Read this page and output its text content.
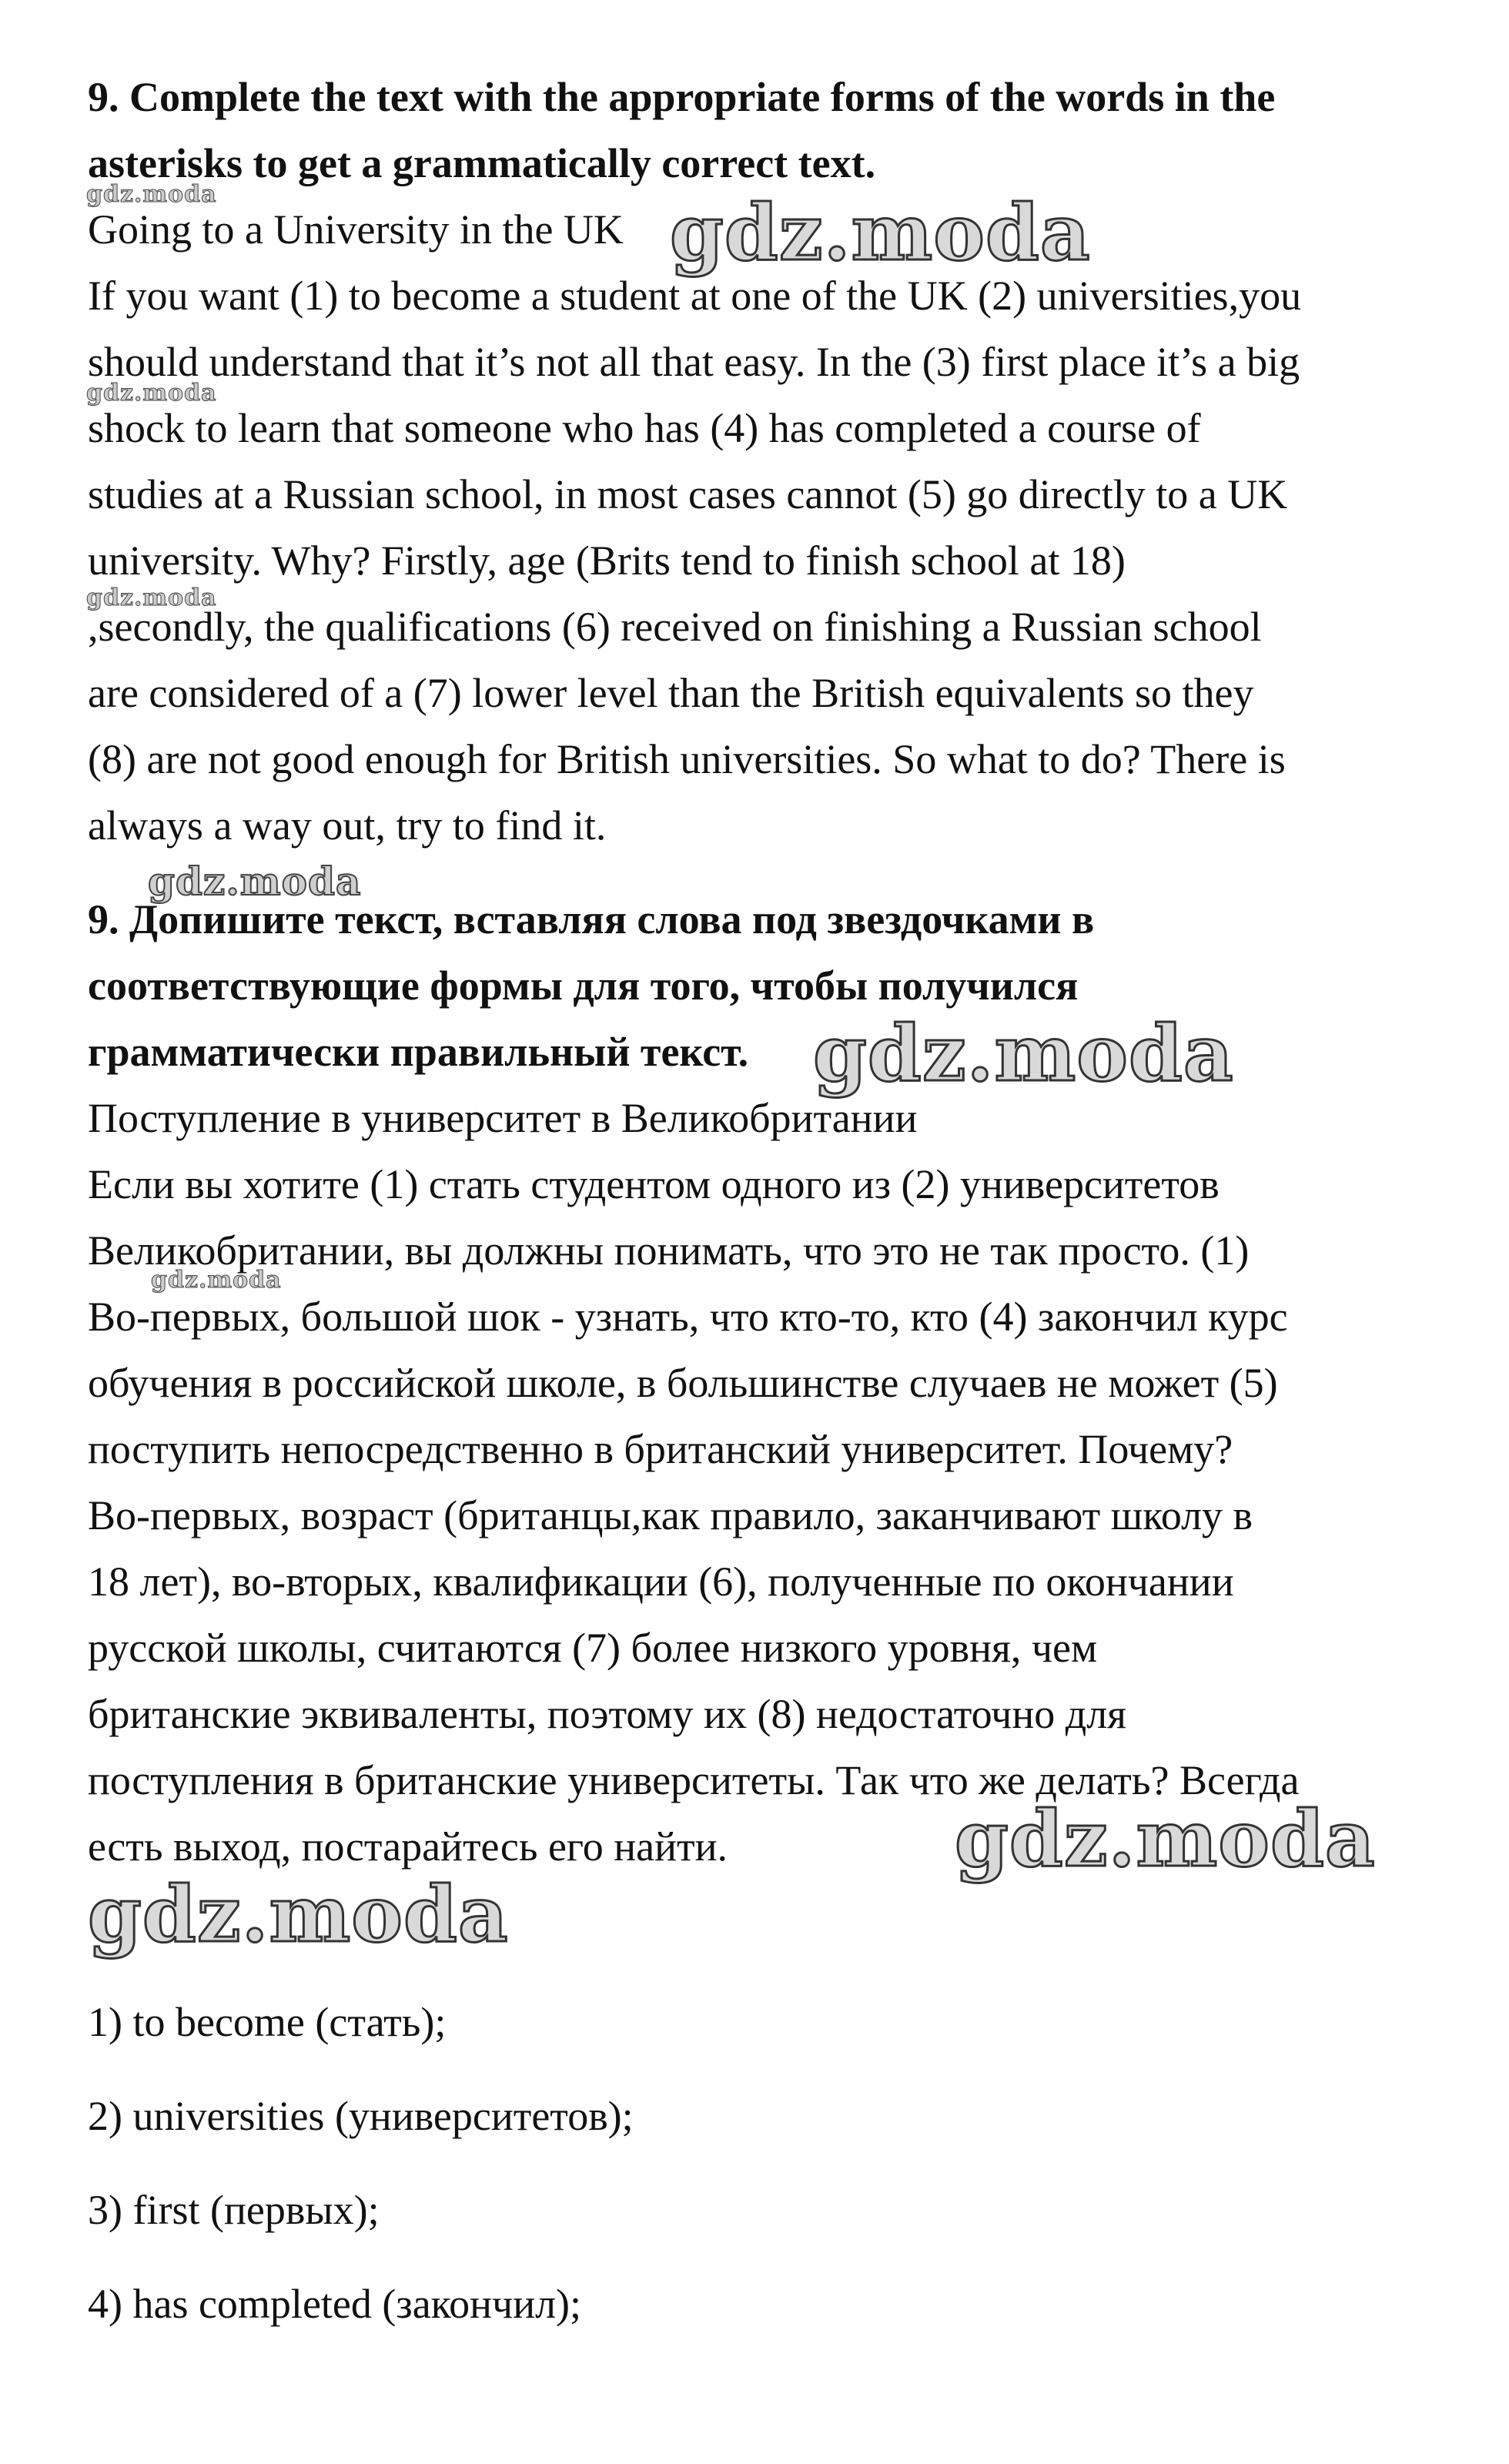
9. Complete the text with the appropriate forms of the words in the
asterisks to get a grammatically correct text.
Going to a University in the UK
If you want (1) to become a student at one of the UK (2) universities,you
should understand that it’s not all that easy. In the (3) first place it’s a big
shock to learn that someone who has (4) has completed a course of
studies at a Russian school, in most cases cannot (5) go directly to a UK
university. Why? Firstly, age (Brits tend to finish school at 18)
,secondly, the qualifications (6) received on finishing a Russian school
are considered of a (7) lower level than the British equivalents so they
(8) are not good enough for British universities. So what to do? There is
always a way out, try to find it.
9. Допишите текст, вставляя слова под звездочками в
соответствующие формы для того, чтобы получился
грамматически правильный текст.
Поступление в университет в Великобритании
Если вы хотите (1) стать студентом одного из (2) университетов
Великобритании, вы должны понимать, что это не так просто. (1)
Во-первых, большой шок - узнать, что кто-то, кто (4) закончил курс
обучения в российской школе, в большинстве случаев не может (5)
поступить непосредственно в британский университет. Почему?
Во-первых, возраст (британцы,как правило, заканчивают школу в
18 лет), во-вторых, квалификации (6), полученные по окончании
русской школы, считаются (7) более низкого уровня, чем
британские эквиваленты, поэтому их (8) недостаточно для
поступления в британские университеты. Так что же делать? Всегда
есть выход, постарайтесь его найти.
1) to become (стать);
2) universities (университетов);
3) first (первых);
4) has completed (закончил);
gdz.moda	gdz.moda
gdz.moda
gdz.moda
gdz.moda
gdz.moda
gdz.moda
gdz.moda
gdz.moda
